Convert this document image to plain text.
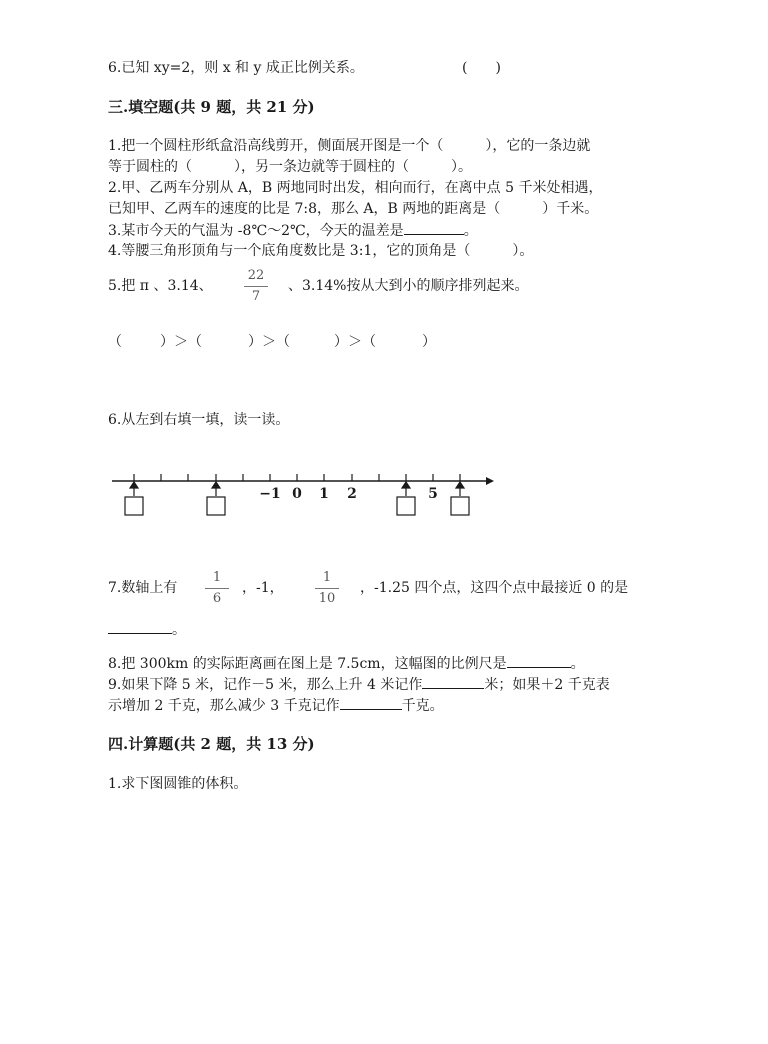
6.已知 xy=2，则 x 和 y 成正比例关系。	(　　)
三.填空题(共 9 题，共 21 分)
1.把一个圆柱形纸盒沿高线剪开，侧面展开图是一个（　　　），它的一条边就
等于圆柱的（　　　），另一条边就等于圆柱的（　　　）。
2.甲、乙两车分别从 A，B 两地同时出发，相向而行，在离中点 5 千米处相遇，
已知甲、乙两车的速度的比是 7:8，那么 A，B 两地的距离是（　　　）千米。
3.某市今天的气温为 -8℃～2℃，今天的温差是	。
4.等腰三角形顶角与一个底角度数比是 3:1，它的顶角是（　　　）。
5.把 π 、3.14、
22
7
、3.14%按从大到小的顺序排列起来。
（	）＞（	）＞（	）＞（	）
6.从左到右填一填，读一读。
−1 0 1 2	5
7.数轴上有
1
6
，-1，
1
10
，-1.25 四个点，这四个点中最接近 0 的是
。
8.把 300km 的实际距离画在图上是 7.5cm，这幅图的比例尺是	。
9.如果下降 5 米，记作－5 米，那么上升 4 米记作	米；如果＋2 千克表
示增加 2 千克，那么减少 3 千克记作	千克。
四.计算题(共 2 题，共 13 分)
1.求下图圆锥的体积。
